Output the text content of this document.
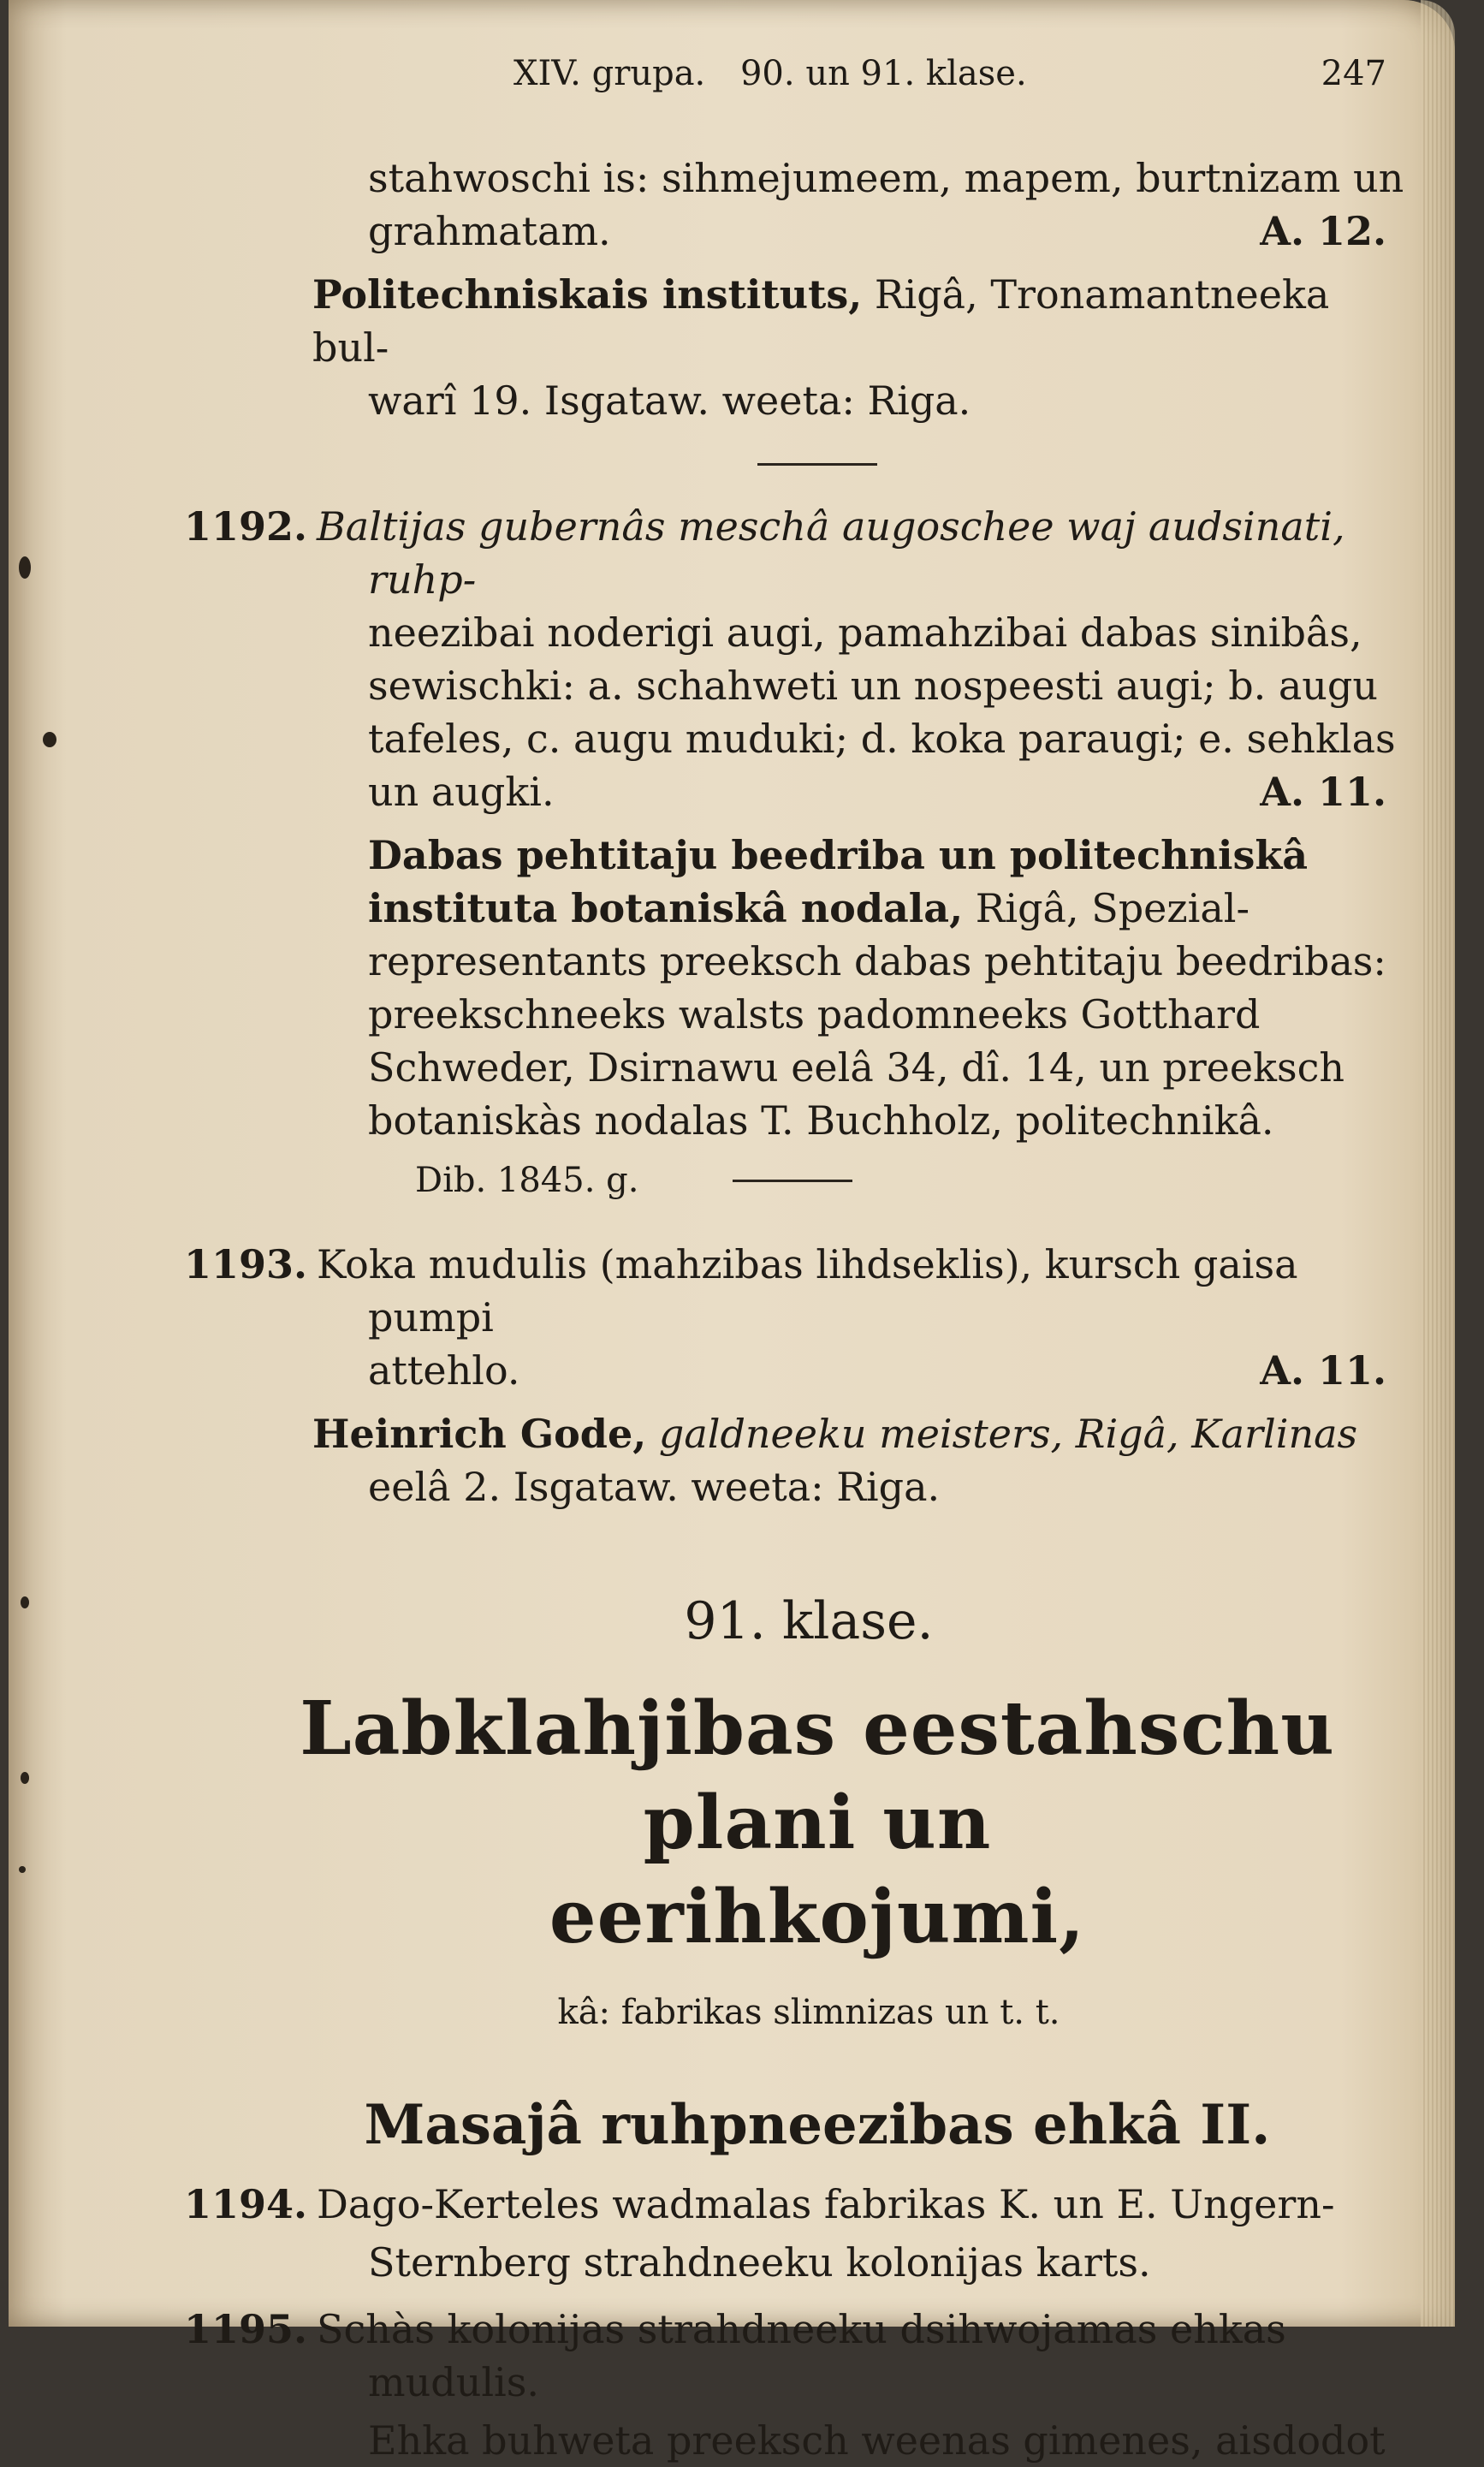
XIV. grupa. 90. un 91. klase.	247
stahwoschi is: sihmejumeem, mapem, burtnizam un
grahmatam.	A. 12.
Politechniskais instituts, Rigâ, Tronamantneeka bul-
warî 19. Isgataw. weeta: Riga.
1192. Baltijas gubernâs meschâ augoschee waj audsinati, ruhp-
neezibai noderigi augi, pamahzibai dabas sinibâs, sewischki: a. schahweti un nospeesti augi; b. augu tafeles, c. augu muduki; d. koka paraugi; e. sehklas un augki.	A. 11.
Dabas pehtitaju beedriba un politechniskâ instituta botaniskâ nodala, Rigâ, Spezial-representants preeksch dabas pehtitaju beedribas: preekschneeks walsts padomneeks Gotthard Schweder, Dsirnawu eelâ 34, dî. 14, un preeksch botaniskàs nodalas T. Buchholz, politechnikâ.
Dib. 1845. g.
1193. Koka mudulis (mahzibas lihdseklis), kursch gaisa pumpi
attehlo.	A. 11.
Heinrich Gode, galdneeku meisters, Rigâ, Karlinas
eelâ 2. Isgataw. weeta: Riga.
91. klase.
Labklahjibas eestahschu plani un
eerihkojumi,
kâ: fabrikas slimnizas un t. t.
Masajâ ruhpneezibas ehkâ II.
1194. Dago-Kerteles wadmalas fabrikas K. un E. Ungern-
Sternberg strahdneeku kolonijas karts.
1195. Schàs kolonijas strahdneeku dsihwojamas ehkas mudulis.
Ehka buhweta preeksch weenas gimenes, aisdodot
